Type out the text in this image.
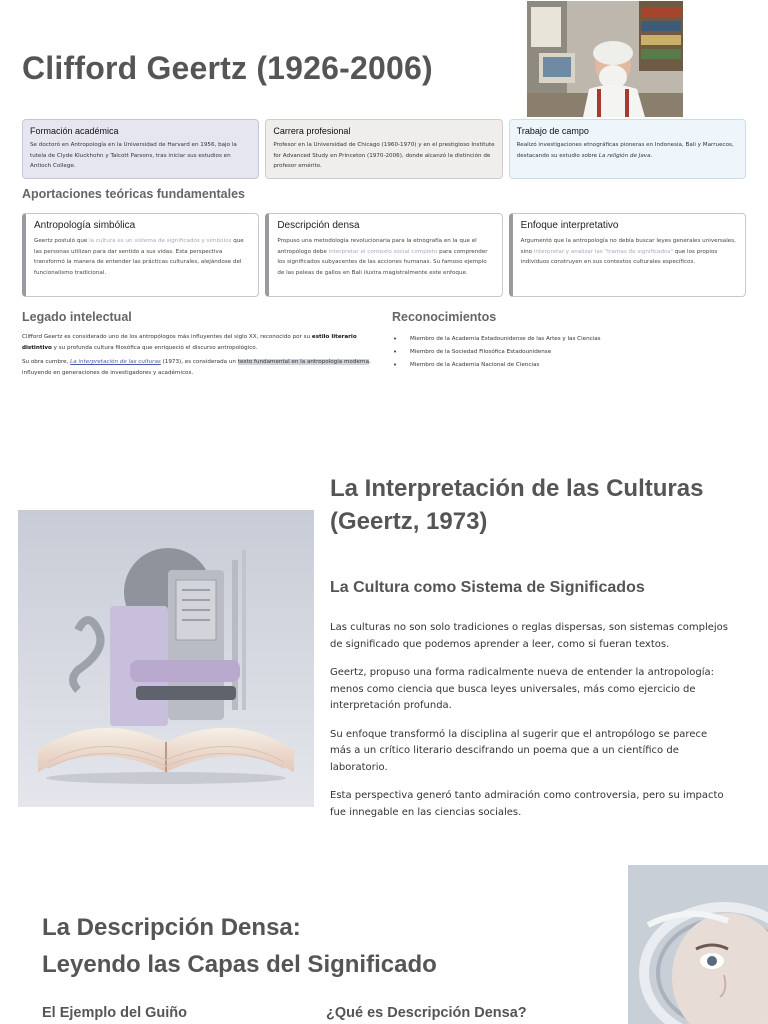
Clifford Geertz (1926-2006)
Formación académica

Se doctoró en Antropología en la Universidad de Harvard en 1956, bajo la tutela de Clyde Kluckhohn y Talcott Parsons, tras iniciar sus estudios en Antioch College.

Carrera profesional

Profesor en la Universidad de Chicago (1960-1970) y en el prestigioso Institute for Advanced Study en Princeton (1970-2006), donde alcanzó la distinción de profesor emérito.

Trabajo de campo

Realizó investigaciones etnográficas pioneras en Indonesia, Bali y Marruecos, destacando su estudio sobre La religión de Java.

Aportaciones teóricas fundamentales
Antropología simbólica

Geertz postuló que la cultura es un sistema de significados y símbolos que las personas utilizan para dar sentido a sus vidas. Esta perspectiva transformó la manera de entender las prácticas culturales, alejándose del funcionalismo tradicional.

Descripción densa

Propuso una metodología revolucionaria para la etnografía en la que el antropólogo debe interpretar el contexto social completo para comprender los significados subyacentes de las acciones humanas. Su famoso ejemplo de las peleas de gallos en Bali ilustra magistralmente este enfoque.

Enfoque interpretativo

Argumentó que la antropología no debía buscar leyes generales universales, sino interpretar y analizar las "tramas de significados" que los propios individuos construyen en sus contextos culturales específicos.

Legado intelectual

Clifford Geertz es considerado uno de los antropólogos más influyentes del siglo XX, reconocido por su estilo literario distintivo y su profunda cultura filosófica que enriqueció el discurso antropológico.

Su obra cumbre, La interpretación de las culturas (1973), es considerada un texto fundamental en la antropología moderna, influyendo en generaciones de investigadores y académicos.

Reconocimientos
• Miembro de la Academia Estadounidense de las Artes y las Ciencias
• Miembro de la Sociedad Filosófica Estadounidense
• Miembro de la Academia Nacional de Ciencias
La Interpretación de las Culturas (Geertz, 1973)
La Cultura como Sistema de Significados

Las culturas no son solo tradiciones o reglas dispersas, son sistemas complejos de significado que podemos aprender a leer, como si fueran textos.

Geertz, propuso una forma radicalmente nueva de entender la antropología: menos como ciencia que busca leyes universales, más como ejercicio de interpretación profunda.

Su enfoque transformó la disciplina al sugerir que el antropólogo se parece más a un crítico literario descifrando un poema que a un científico de laboratorio.

Esta perspectiva generó tanto admiración como controversia, pero su impacto fue innegable en las ciencias sociales.

La Descripción Densa:
Leyendo las Capas del Significado
El Ejemplo del Guiño	¿Qué es Descripción Densa?
